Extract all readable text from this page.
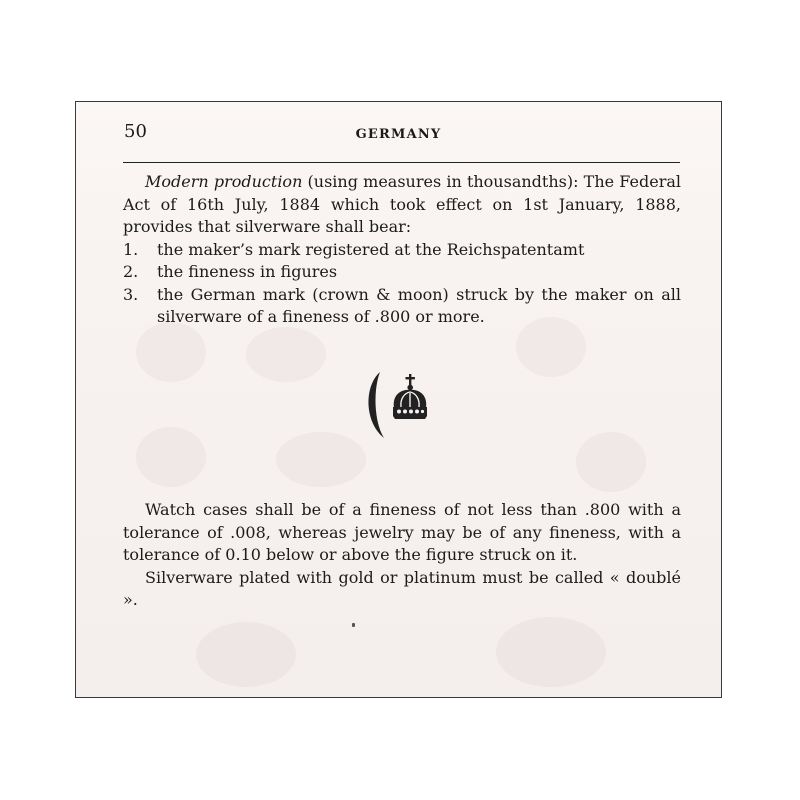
50	GERMANY

Modern production (using measures in thousandths): The Federal Act of 16th July, 1884 which took effect on 1st January, 1888, provides that silverware shall bear:

1.	the maker’s mark registered at the Reichspatentamt
2.	the fineness in figures
3.	the German mark (crown & moon) struck by the maker on all silverware of a fineness of .800 or more.

Watch cases shall be of a fineness of not less than .800 with a tolerance of .008, whereas jewelry may be of any fineness, with a tolerance of 0.10 below or above the figure struck on it.

Silverware plated with gold or platinum must be called « doublé ».
